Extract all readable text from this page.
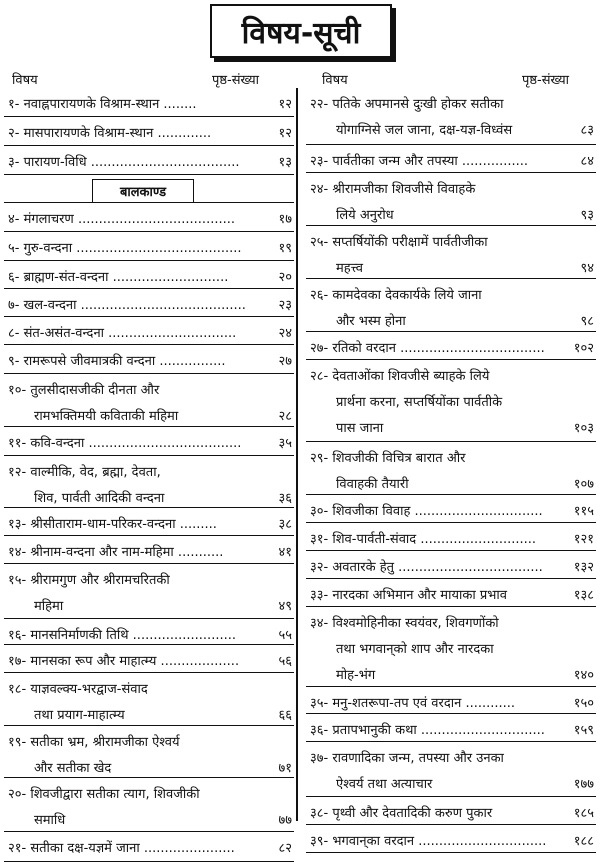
विषय-सूची
विषय	पृष्ठ-संख्या	विषय	पृष्ठ-संख्या
१- नवाह्नपारायणके विश्राम-स्थान ........	१२
२- मासपारायणके विश्राम-स्थान .............	१२
३- पारायण-विधि ....................................	१३
बालकाण्ड
४- मंगलाचरण ......................................	१७
५- गुरु-वन्दना ........................................	१९
६- ब्राह्मण-संत-वन्दना ............................	२०
७- खल-वन्दना ........................................	२३
८- संत-असंत-वन्दना ...............................	२४
९- रामरूपसे जीवमात्रकी वन्दना ................	२७
१०- तुलसीदासजीकी दीनता और
रामभक्तिमयी कविताकी महिमा	२८
११- कवि-वन्दना .....................................	३५
१२- वाल्मीकि, वेद, ब्रह्मा, देवता,
शिव, पार्वती आदिकी वन्दना	३६
१३- श्रीसीताराम-धाम-परिकर-वन्दना .........	३८
१४- श्रीनाम-वन्दना और नाम-महिमा ...........	४१
१५- श्रीरामगुण और श्रीरामचरितकी
महिमा	४९
१६- मानसनिर्माणकी तिथि .........................	५५
१७- मानसका रूप और माहात्म्य ...................	५६
१८- याज्ञवल्क्य-भरद्वाज-संवाद
तथा प्रयाग-माहात्म्य	६६
१९- सतीका भ्रम, श्रीरामजीका ऐश्वर्य
और सतीका खेद	७१
२०- शिवजीद्वारा सतीका त्याग, शिवजीकी
समाधि	७७
२१- सतीका दक्ष-यज्ञमें जाना ......................	८२
२२- पतिके अपमानसे दुःखी होकर सतीका
योगाग्निसे जल जाना, दक्ष-यज्ञ-विध्वंस	८३
२३- पार्वतीका जन्म और तपस्या ................	८४
२४- श्रीरामजीका शिवजीसे विवाहके
लिये अनुरोध	९३
२५- सप्तर्षियोंकी परीक्षामें पार्वतीजीका
महत्त्व	९४
२६- कामदेवका देवकार्यके लिये जाना
और भस्म होना	९८
२७- रतिको वरदान ................................... १०२
२८- देवताओंका शिवजीसे ब्याहके लिये
प्रार्थना करना, सप्तर्षियोंका पार्वतीके
पास जाना	१०३
२९- शिवजीकी विचित्र बारात और
विवाहकी तैयारी	१०७
३०- शिवजीका विवाह ............................... ११५
३१- शिव-पार्वती-संवाद ............................	१२१
३२- अवतारके हेतु ................................... १३२
३३- नारदका अभिमान और मायाका प्रभाव	१३८
३४- विश्वमोहिनीका स्वयंवर, शिवगणोंको
तथा भगवान्‌को शाप और नारदका
मोह-भंग	१४०
३५- मनु-शतरूपा-तप एवं वरदान ............	१५०
३६- प्रतापभानुकी कथा .............................. १५९
३७- रावणादिका जन्म, तपस्या और उनका
ऐश्वर्य तथा अत्याचार	१७७
३८- पृथ्वी और देवतादिकी करुण पुकार	१८५
३९- भगवान्‌का वरदान ............................... १८८
